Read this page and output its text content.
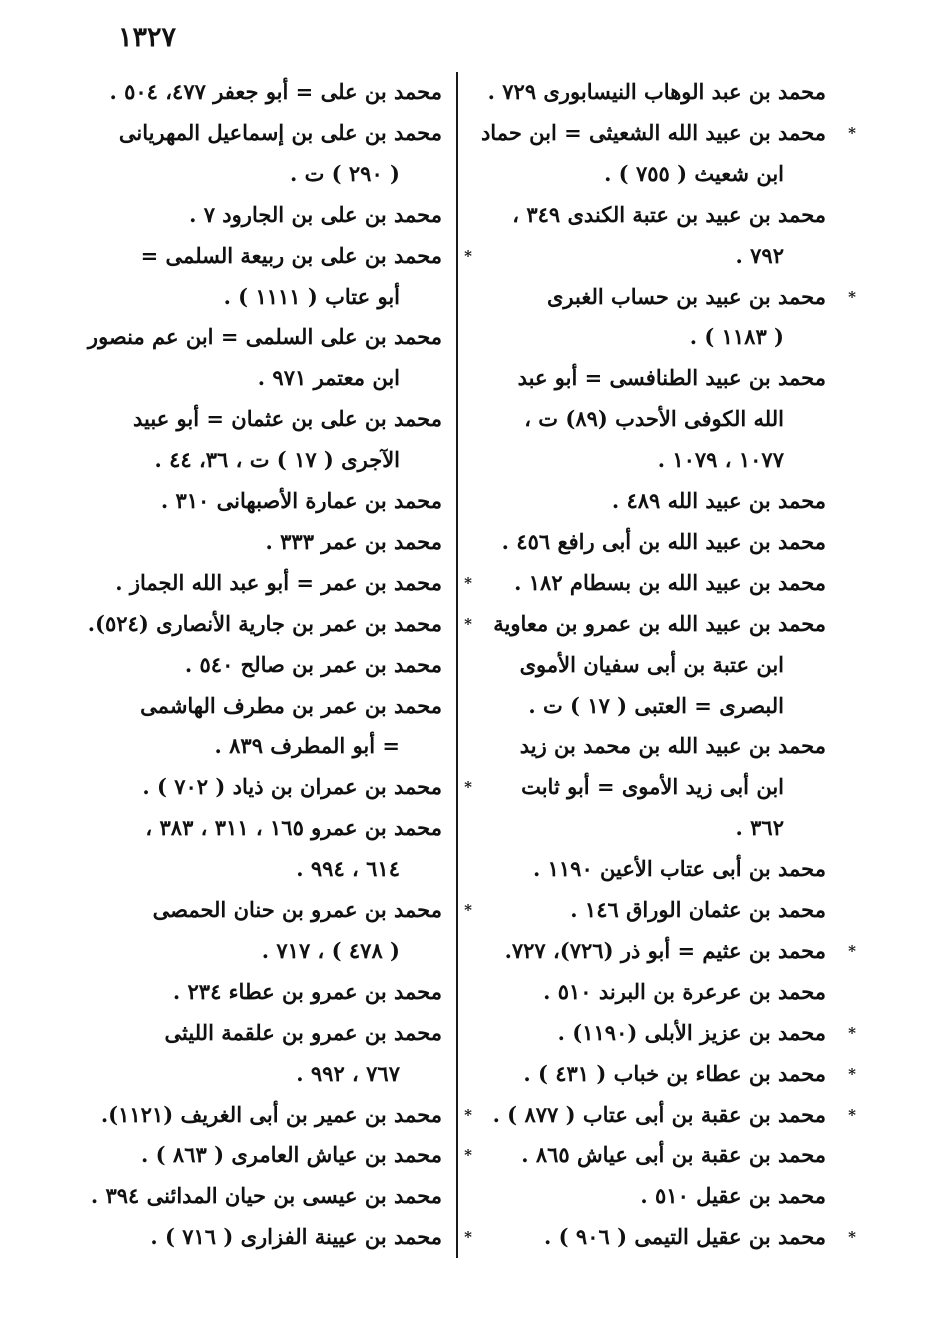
١٣٢٧
محمد بن على = أبو جعفر ٤٧٧، ٥٠٤ .
محمد بن على بن إسماعيل المهريانى
( ٢٩٠ ) ت .
محمد بن على بن الجارود ٧ .
*
محمد بن على بن ربيعة السلمى =
أبو عتاب ( ١١١١ ) .
محمد بن على السلمى = ابن عم منصور
ابن معتمر ٩٧١ .
محمد بن على بن عثمان = أبو عبيد
الآجرى ( ١٧ ) ت ، ٣٦، ٤٤ .
محمد بن عمارة الأصبهانى ٣١٠ .
محمد بن عمر ٣٣٣ .
*
محمد بن عمر = أبو عبد الله الجماز .
*
محمد بن عمر بن جارية الأنصارى (٥٢٤).
محمد بن عمر بن صالح ٥٤٠ .
محمد بن عمر بن مطرف الهاشمى
= أبو المطرف ٨٣٩ .
*
محمد بن عمران بن ذياد ( ٧٠٢ ) .
محمد بن عمرو ١٦٥ ، ٣١١ ، ٣٨٣ ،
٦١٤ ، ٩٩٤ .
*
محمد بن عمرو بن حنان الحمصى
( ٤٧٨ ) ، ٧١٧ .
محمد بن عمرو بن عطاء ٢٣٤ .
محمد بن عمرو بن علقمة الليثى
٧٦٧ ، ٩٩٢ .
*
محمد بن عمير بن أبى الغريف (١١٢١).
*
محمد بن عياش العامرى ( ٨٦٣ ) .
محمد بن عيسى بن حيان المدائنى ٣٩٤ .
*
محمد بن عيينة الفزارى ( ٧١٦ ) .
محمد بن عبد الوهاب النيسابورى ٧٢٩ .
*
محمد بن عبيد الله الشعيثى = ابن حماد
ابن شعيث ( ٧٥٥ ) .
محمد بن عبيد بن عتبة الكندى ٣٤٩ ،
٧٩٢ .
*
محمد بن عبيد بن حساب الغبرى
( ١١٨٣ ) .
محمد بن عبيد الطنافسى = أبو عبد
الله الكوفى الأحدب (٨٩) ت ،
١٠٧٧ ، ١٠٧٩ .
محمد بن عبيد الله ٤٨٩ .
محمد بن عبيد الله بن أبى رافع ٤٥٦ .
محمد بن عبيد الله بن بسطام ١٨٢ .
محمد بن عبيد الله بن عمرو بن معاوية
ابن عتبة بن أبى سفيان الأموى
البصرى = العتبى ( ١٧ ) ت .
محمد بن عبيد الله بن محمد بن زيد
ابن أبى زيد الأموى = أبو ثابت
٣٦٢ .
محمد بن أبى عتاب الأعين ١١٩٠ .
محمد بن عثمان الوراق ١٤٦ .
*
محمد بن عثيم = أبو ذر (٧٢٦)، ٧٢٧.
محمد بن عرعرة بن البرند ٥١٠ .
*
محمد بن عزيز الأبلى (١١٩٠) .
*
محمد بن عطاء بن خباب ( ٤٣١ ) .
*
محمد بن عقبة بن أبى عتاب ( ٨٧٧ ) .
محمد بن عقبة بن أبى عياش ٨٦٥ .
محمد بن عقيل ٥١٠ .
*
محمد بن عقيل التيمى ( ٩٠٦ ) .
